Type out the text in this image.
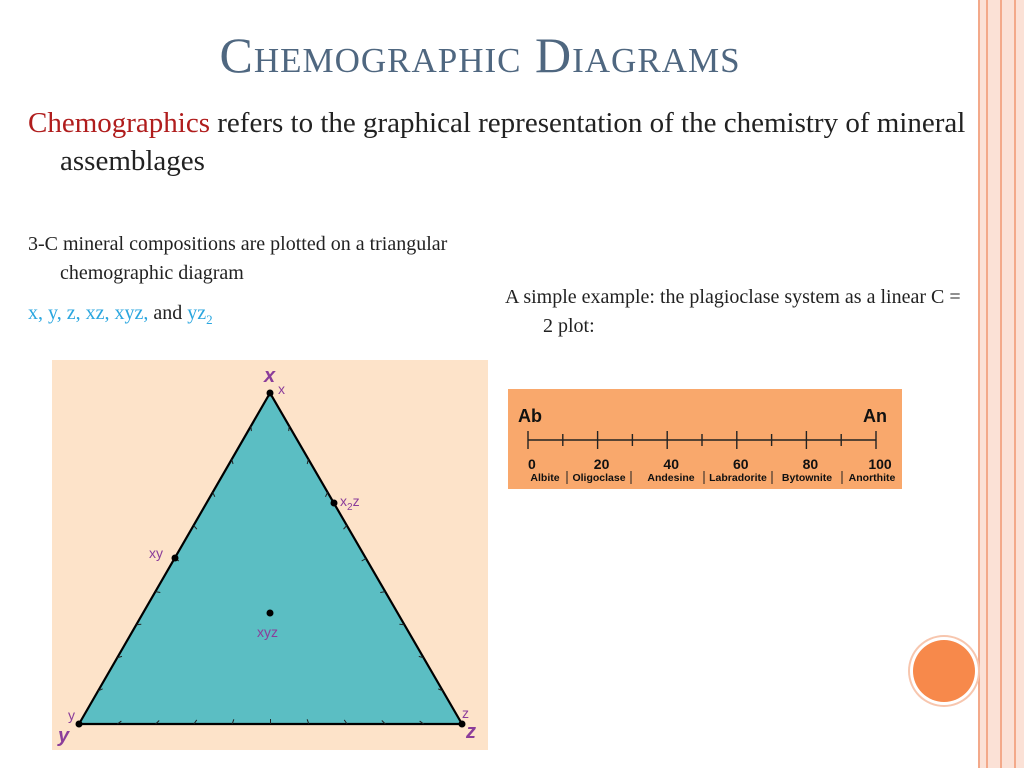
Chemographic Diagrams

Chemographics refers to the graphical representation of the chemistry of mineral assemblages

3-C mineral compositions are plotted on a triangular chemographic diagram

x, y, z, xz, xyz, and $yz_2$

A simple example: the plagioclase system as a linear C = 2 plot:

x
x
$x_2z$
xy
xyz
y
y
z
z
Ab	An
0	20	40	60	80	100
Albite Oligoclase Andesine Labradorite Bytownite Anorthite
